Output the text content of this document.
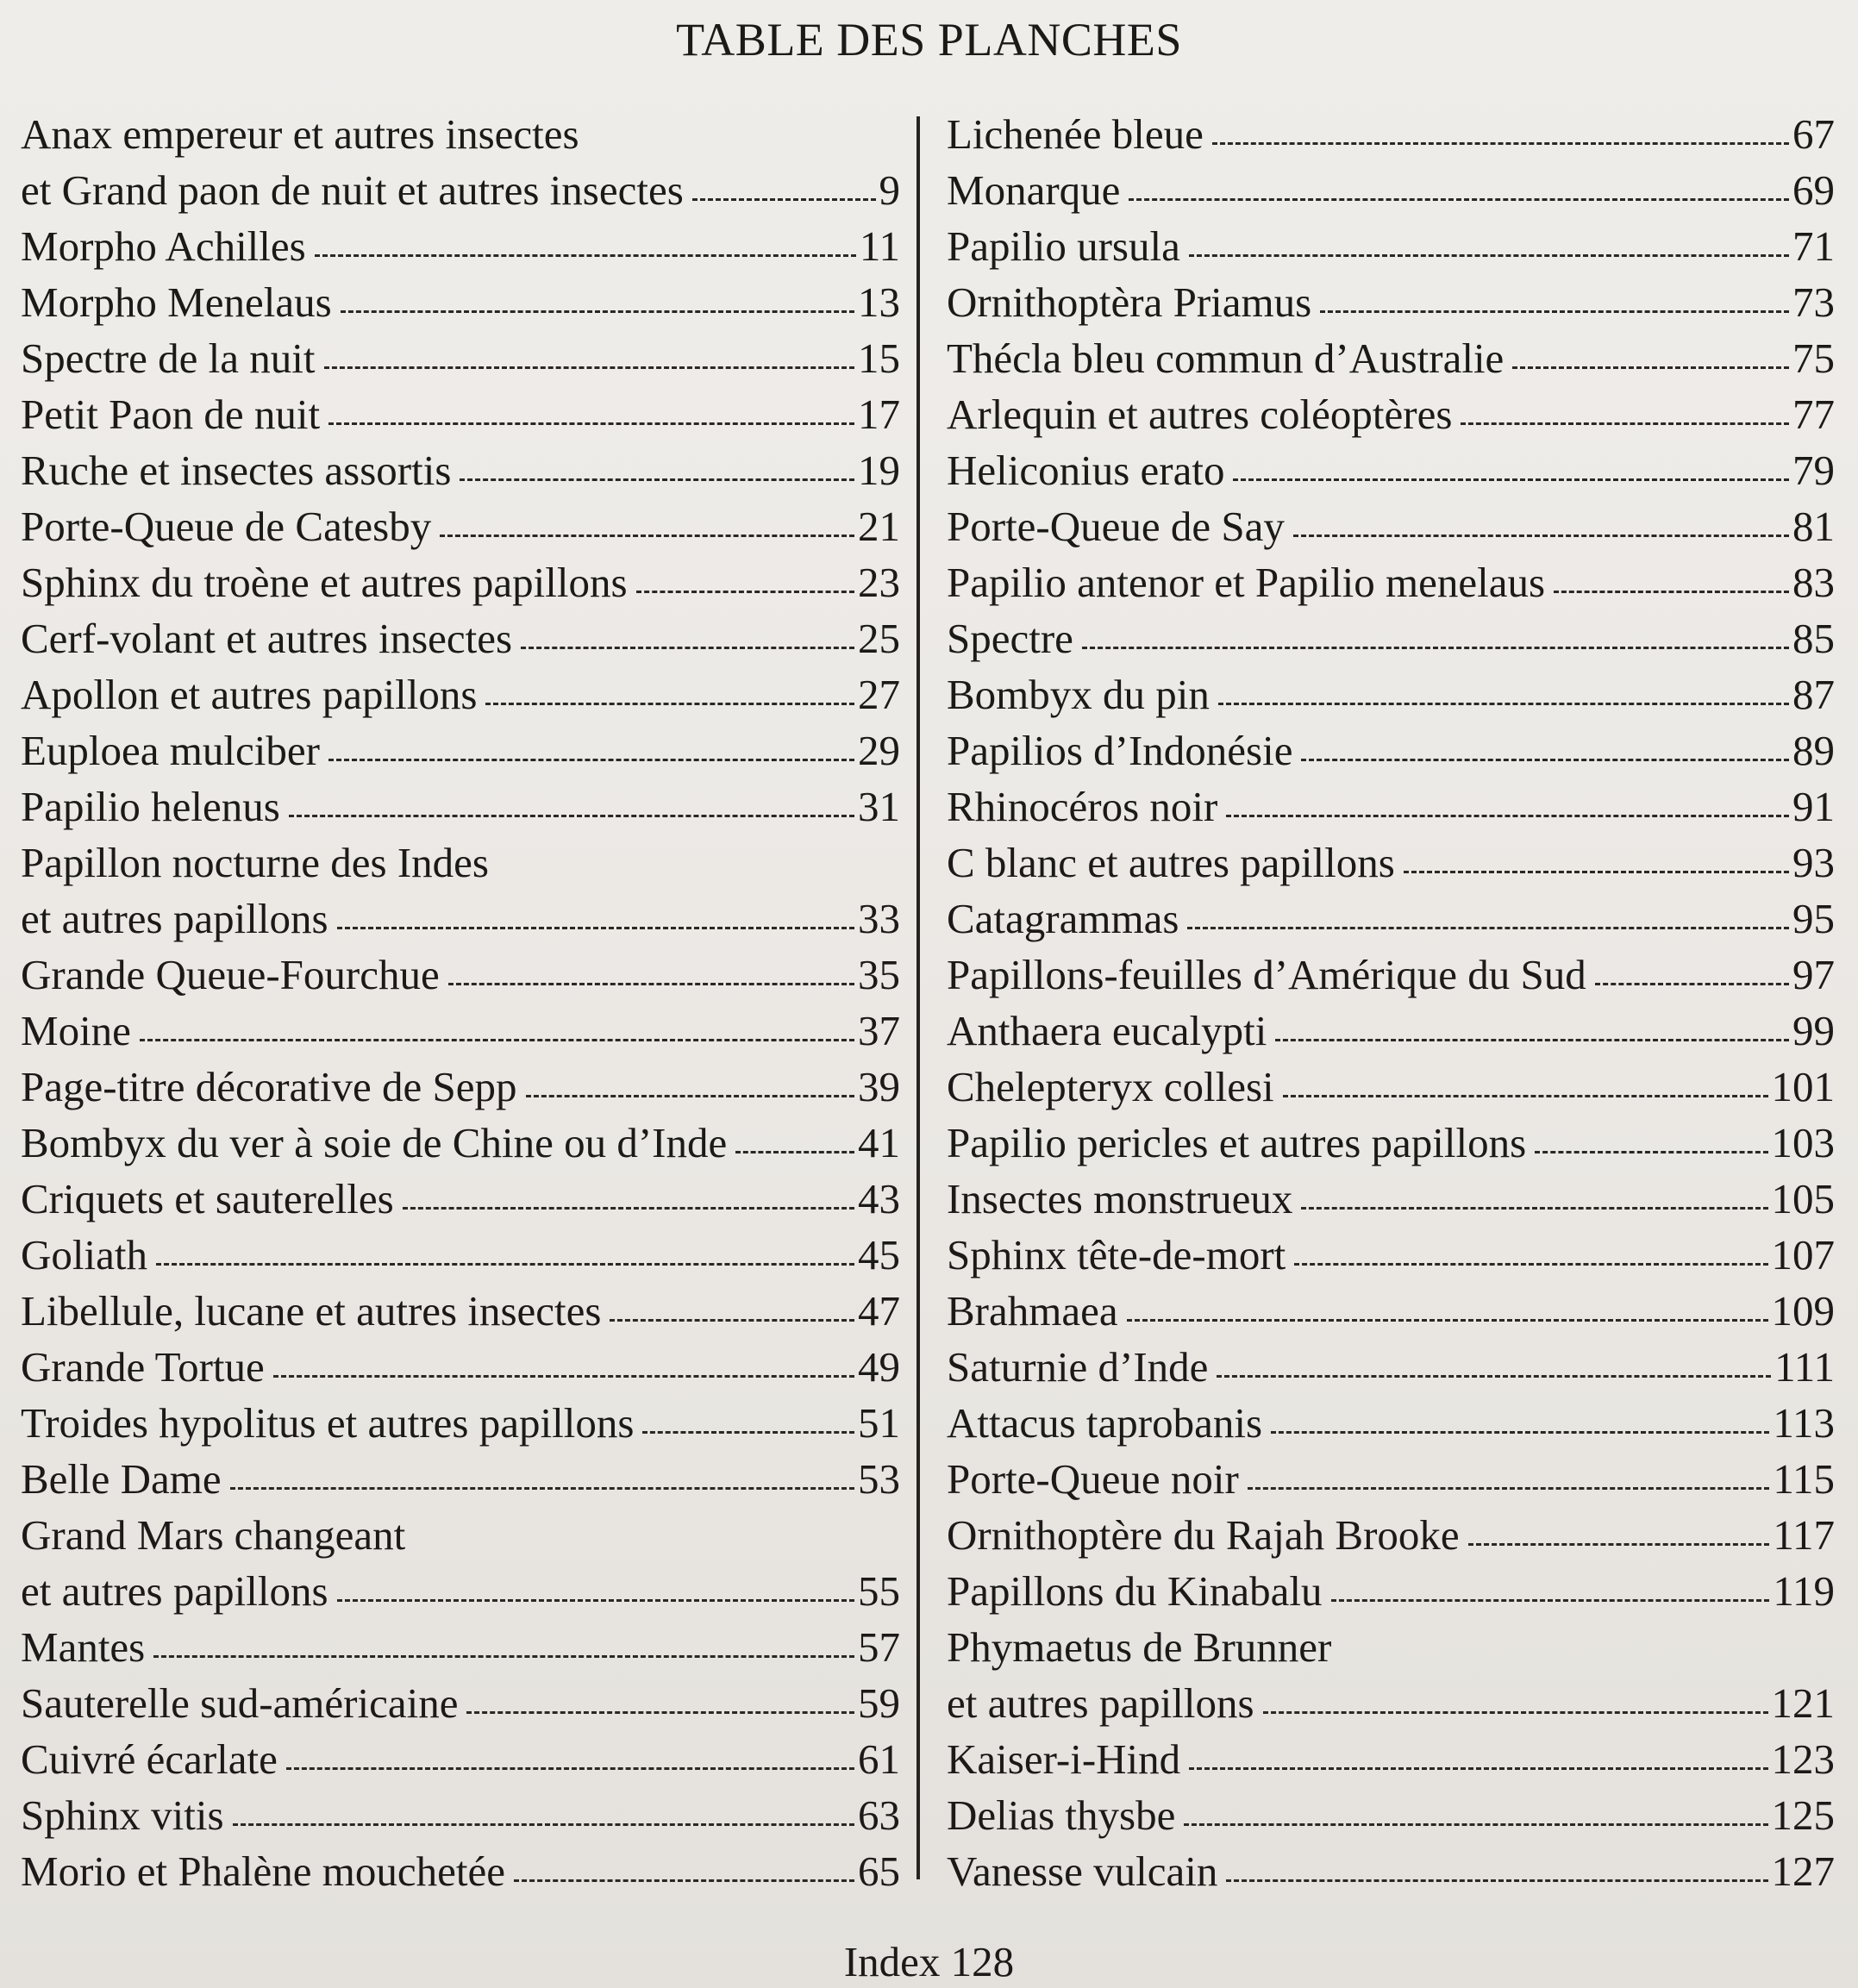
TABLE DES PLANCHES
Anax empereur et autres insectes
et Grand paon de nuit et autres insectes	9
Morpho Achilles	11
Morpho Menelaus	13
Spectre de la nuit	15
Petit Paon de nuit	17
Ruche et insectes assortis	19
Porte-Queue de Catesby	21
Sphinx du troène et autres papillons	23
Cerf-volant et autres insectes	25
Apollon et autres papillons	27
Euploea mulciber	29
Papilio helenus	31
Papillon nocturne des Indes
et autres papillons	33
Grande Queue-Fourchue	35
Moine	37
Page-titre décorative de Sepp	39
Bombyx du ver à soie de Chine ou d’Inde	41
Criquets et sauterelles	43
Goliath	45
Libellule, lucane et autres insectes	47
Grande Tortue	49
Troides hypolitus et autres papillons	51
Belle Dame	53
Grand Mars changeant
et autres papillons	55
Mantes	57
Sauterelle sud-américaine	59
Cuivré écarlate	61
Sphinx vitis	63
Morio et Phalène mouchetée	65
Lichenée bleue	67
Monarque	69
Papilio ursula	71
Ornithoptèra Priamus	73
Thécla bleu commun d’Australie	75
Arlequin et autres coléoptères	77
Heliconius erato	79
Porte-Queue de Say	81
Papilio antenor et Papilio menelaus	83
Spectre	85
Bombyx du pin	87
Papilios d’Indonésie	89
Rhinocéros noir	91
C blanc et autres papillons	93
Catagrammas	95
Papillons-feuilles d’Amérique du Sud	97
Anthaera eucalypti	99
Chelepteryx collesi	101
Papilio pericles et autres papillons	103
Insectes monstrueux	105
Sphinx tête-de-mort	107
Brahmaea	109
Saturnie d’Inde	111
Attacus taprobanis	113
Porte-Queue noir	115
Ornithoptère du Rajah Brooke	117
Papillons du Kinabalu	119
Phymaetus de Brunner
et autres papillons	121
Kaiser-i-Hind	123
Delias thysbe	125
Vanesse vulcain	127
Index 128
